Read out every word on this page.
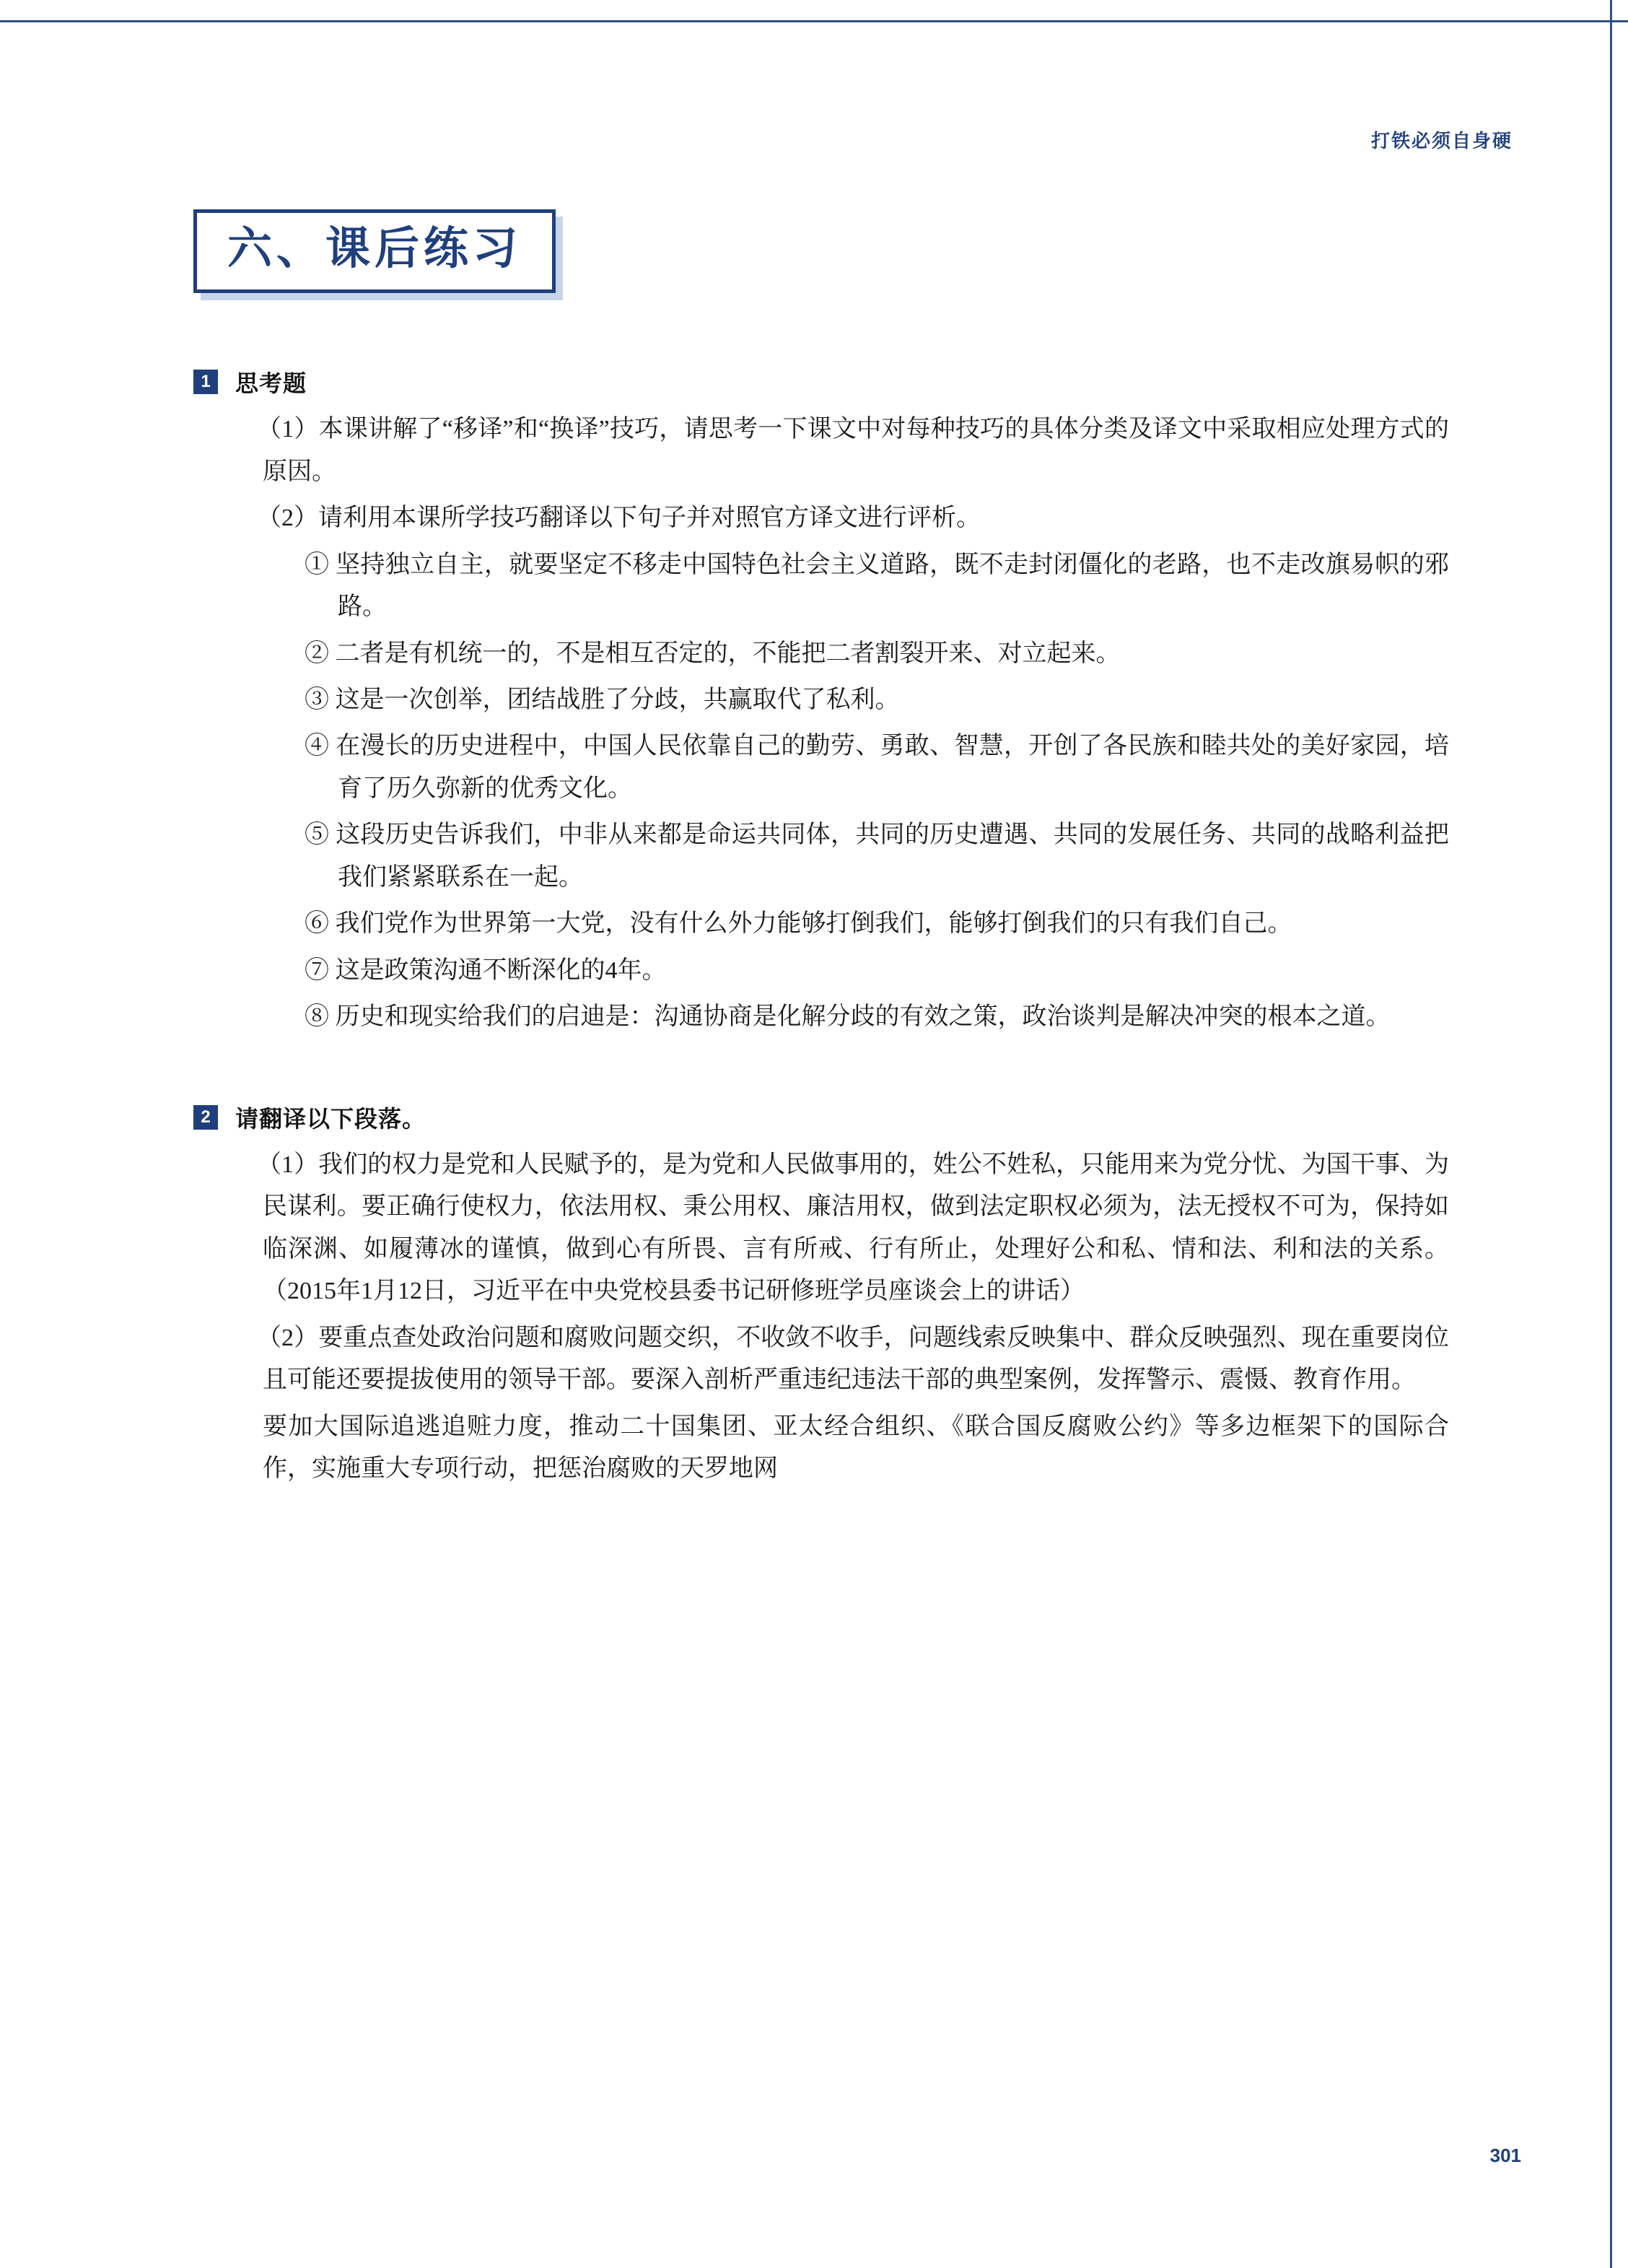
打铁必须自身硬
六、课后练习
1	思考题

（1）本课讲解了“移译”和“换译”技巧，请思考一下课文中对每种技巧的具体分类及译文中采取相应处理方式的原因。

（2）请利用本课所学技巧翻译以下句子并对照官方译文进行评析。

① 坚持独立自主，就要坚定不移走中国特色社会主义道路，既不走封闭僵化的老路，也不走改旗易帜的邪路。

② 二者是有机统一的，不是相互否定的，不能把二者割裂开来、对立起来。

③ 这是一次创举，团结战胜了分歧，共赢取代了私利。

④ 在漫长的历史进程中，中国人民依靠自己的勤劳、勇敢、智慧，开创了各民族和睦共处的美好家园，培育了历久弥新的优秀文化。

⑤ 这段历史告诉我们，中非从来都是命运共同体，共同的历史遭遇、共同的发展任务、共同的战略利益把我们紧紧联系在一起。

⑥ 我们党作为世界第一大党，没有什么外力能够打倒我们，能够打倒我们的只有我们自己。

⑦ 这是政策沟通不断深化的4年。

⑧ 历史和现实给我们的启迪是：沟通协商是化解分歧的有效之策，政治谈判是解决冲突的根本之道。

2	请翻译以下段落。

（1）我们的权力是党和人民赋予的，是为党和人民做事用的，姓公不姓私，只能用来为党分忧、为国干事、为民谋利。要正确行使权力，依法用权、秉公用权、廉洁用权，做到法定职权必须为，法无授权不可为，保持如临深渊、如履薄冰的谨慎，做到心有所畏、言有所戒、行有所止，处理好公和私、情和法、利和法的关系。（2015年1月12日，习近平在中央党校县委书记研修班学员座谈会上的讲话）

（2）要重点查处政治问题和腐败问题交织，不收敛不收手，问题线索反映集中、群众反映强烈、现在重要岗位且可能还要提拔使用的领导干部。要深入剖析严重违纪违法干部的典型案例，发挥警示、震慑、教育作用。

要加大国际追逃追赃力度，推动二十国集团、亚太经合组织、《联合国反腐败公约》等多边框架下的国际合作，实施重大专项行动，把惩治腐败的天罗地网

301
